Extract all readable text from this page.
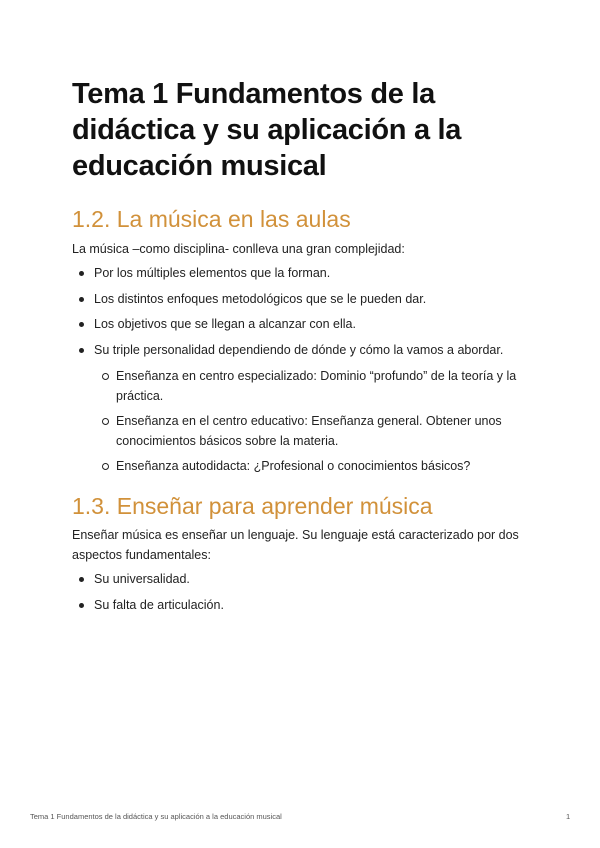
Tema 1 Fundamentos de la didáctica y su aplicación a la educación musical
1.2. La música en las aulas

La música –como disciplina- conlleva una gran complejidad:

Por los múltiples elementos que la forman.
Los distintos enfoques metodológicos que se le pueden dar.
Los objetivos que se llegan a alcanzar con ella.
Su triple personalidad dependiendo de dónde y cómo la vamos a abordar.
Enseñanza en centro especializado: Dominio “profundo” de la teoría y la práctica.
Enseñanza en el centro educativo: Enseñanza general. Obtener unos conocimientos básicos sobre la materia.
Enseñanza autodidacta: ¿Profesional o conocimientos básicos?
1.3. Enseñar para aprender música

Enseñar música es enseñar un lenguaje. Su lenguaje está caracterizado por dos aspectos fundamentales:

Su universalidad.
Su falta de articulación.
Tema 1 Fundamentos de la didáctica y su aplicación a la educación musical	1
